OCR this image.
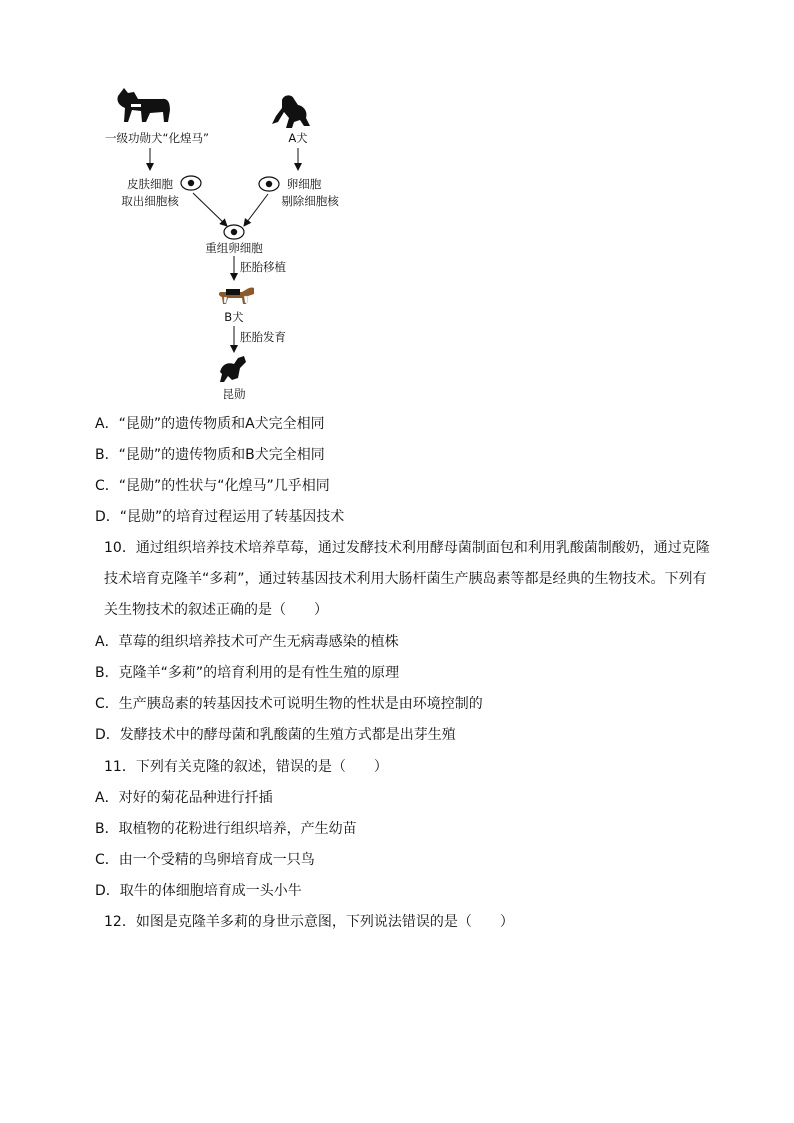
一级功勋犬“化煌马”	A犬
皮肤细胞
取出细胞核
卵细胞
剔除细胞核
重组卵细胞
胚胎移植
B犬
胚胎发育
昆勋
A．“昆勋”的遗传物质和A犬完全相同
B．“昆勋”的遗传物质和B犬完全相同
C．“昆勋”的性状与“化煌马”几乎相同
D．“昆勋”的培育过程运用了转基因技术
10．通过组织培养技术培养草莓，通过发酵技术利用酵母菌制面包和利用乳酸菌制酸奶，通过克隆
技术培育克隆羊“多莉”，通过转基因技术利用大肠杆菌生产胰岛素等都是经典的生物技术。下列有
关生物技术的叙述正确的是（　　）
A．草莓的组织培养技术可产生无病毒感染的植株
B．克隆羊“多莉”的培育利用的是有性生殖的原理
C．生产胰岛素的转基因技术可说明生物的性状是由环境控制的
D．发酵技术中的酵母菌和乳酸菌的生殖方式都是出芽生殖
11．下列有关克隆的叙述，错误的是（　　）
A．对好的菊花品种进行扦插
B．取植物的花粉进行组织培养，产生幼苗
C．由一个受精的鸟卵培育成一只鸟
D．取牛的体细胞培育成一头小牛
12．如图是克隆羊多莉的身世示意图，下列说法错误的是（　　）
